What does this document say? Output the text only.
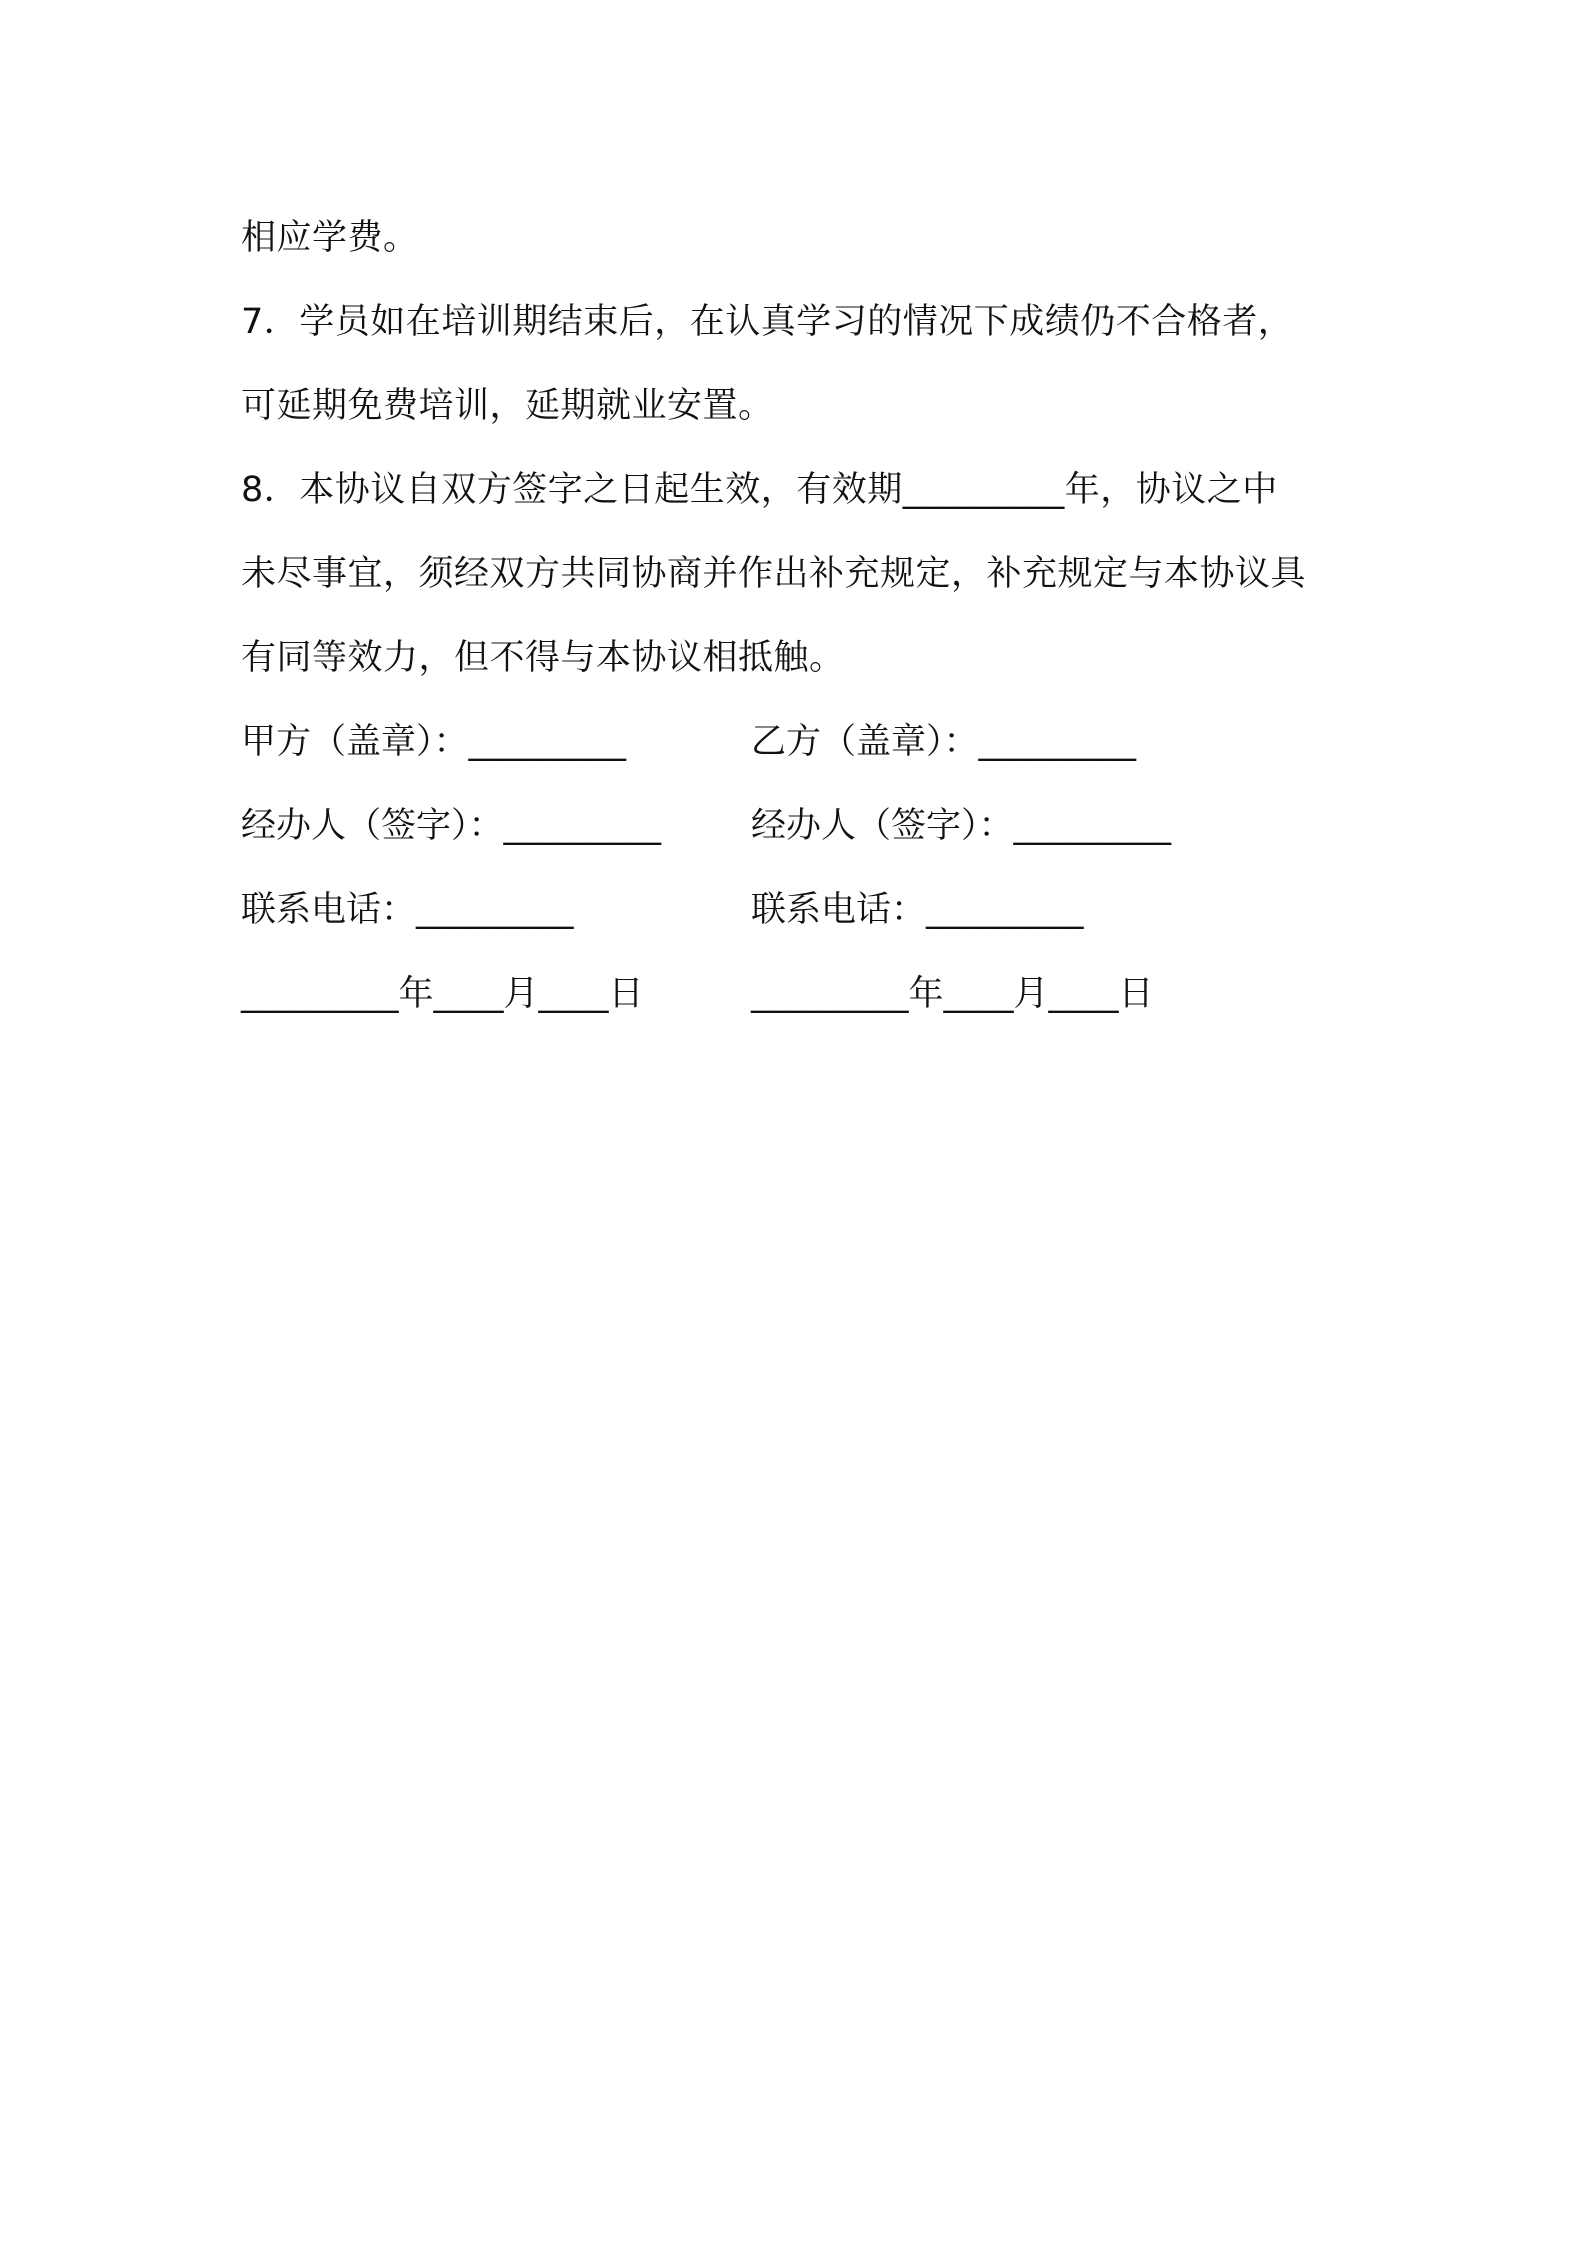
相应学费。
7．学员如在培训期结束后，在认真学习的情况下成绩仍不合格者，
可延期免费培训，延期就业安置。
8．本协议自双方签字之日起生效，有效期_________年，协议之中
未尽事宜，须经双方共同协商并作出补充规定，补充规定与本协议具
有同等效力，但不得与本协议相抵触。
甲方（盖章）：_________	乙方（盖章）：_________
经办人（签字）：_________	经办人（签字）：_________
联系电话：_________	联系电话：_________
_________年____月____日	_________年____月____日
